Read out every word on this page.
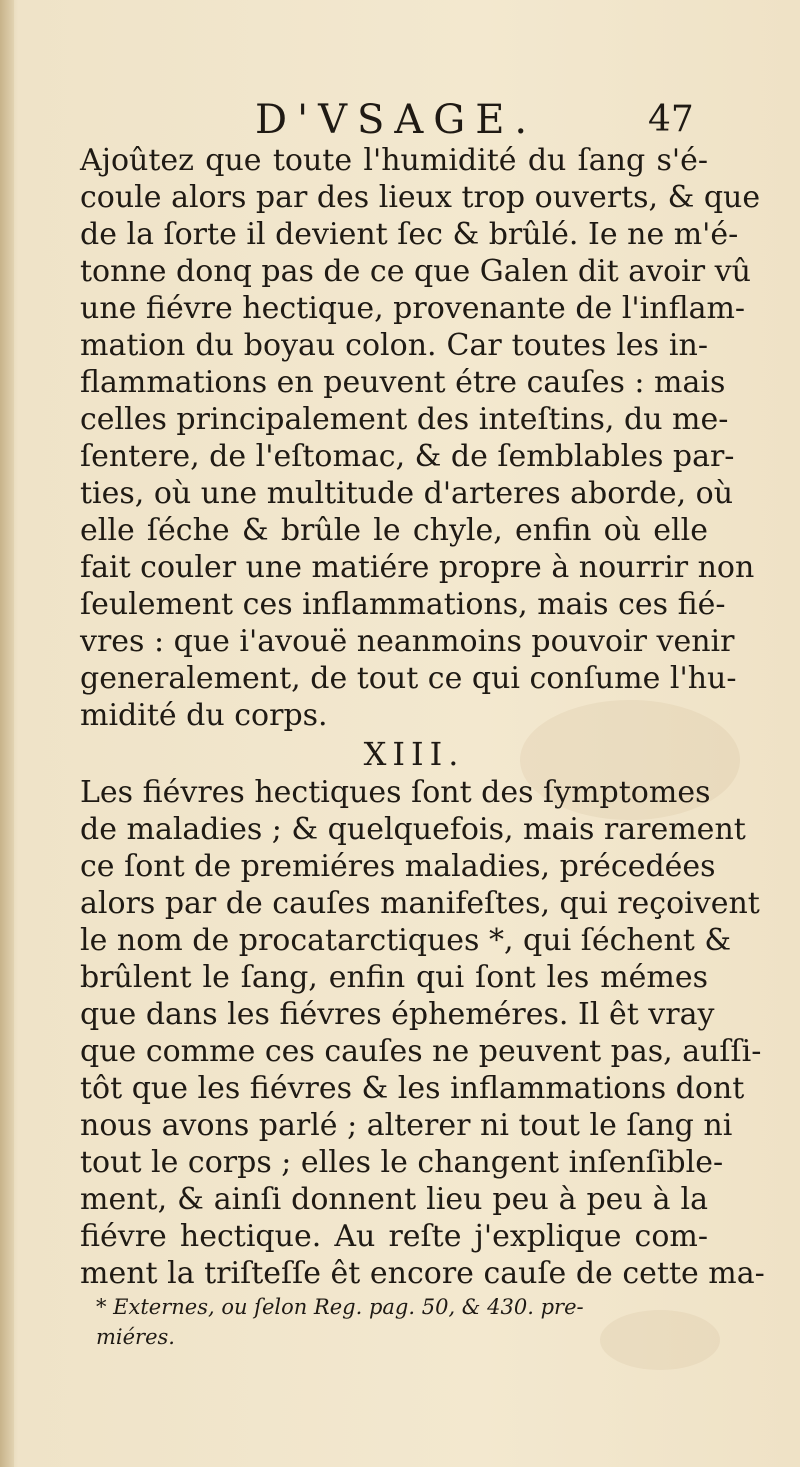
D'VSAGE.	47
Ajoûtez que toute l'humidité du ſang s'é-
coule alors par des lieux trop ouverts, & que
de la ſorte il devient ſec & brûlé. Ie ne m'é-
tonne donq pas de ce que Galen dit avoir vû
une fiévre hectique, provenante de l'inflam-
mation du boyau colon. Car toutes les in-
flammations en peuvent étre cauſes : mais
celles principalement des inteſtins, du me-
ſentere, de l'eſtomac, & de ſemblables par-
ties, où une multitude d'arteres aborde, où
elle ſéche & brûle le chyle, enfin où elle
fait couler une matiére propre à nourrir non
ſeulement ces inflammations, mais ces fié-
vres : que i'avouë neanmoins pouvoir venir
generalement, de tout ce qui conſume l'hu-
midité du corps.
XIII.
Les fiévres hectiques ſont des ſymptomes
de maladies ; & quelquefois, mais rarement
ce ſont de premiéres maladies, précedées
alors par de cauſes manifeſtes, qui reçoivent
le nom de procatarctiques *, qui ſéchent &
brûlent le ſang, enfin qui ſont les mémes
que dans les fiévres épheméres. Il êt vray
que comme ces cauſes ne peuvent pas, auſſi-
tôt que les fiévres & les inflammations dont
nous avons parlé ; alterer ni tout le ſang ni
tout le corps ; elles le changent inſenſible-
ment, & ainſi donnent lieu peu à peu à la
fiévre hectique. Au reſte j'explique com-
ment la triſteſſe êt encore cauſe de cette ma-
* Externes, ou ſelon Reg. pag. 50, & 430. pre-
miéres.
